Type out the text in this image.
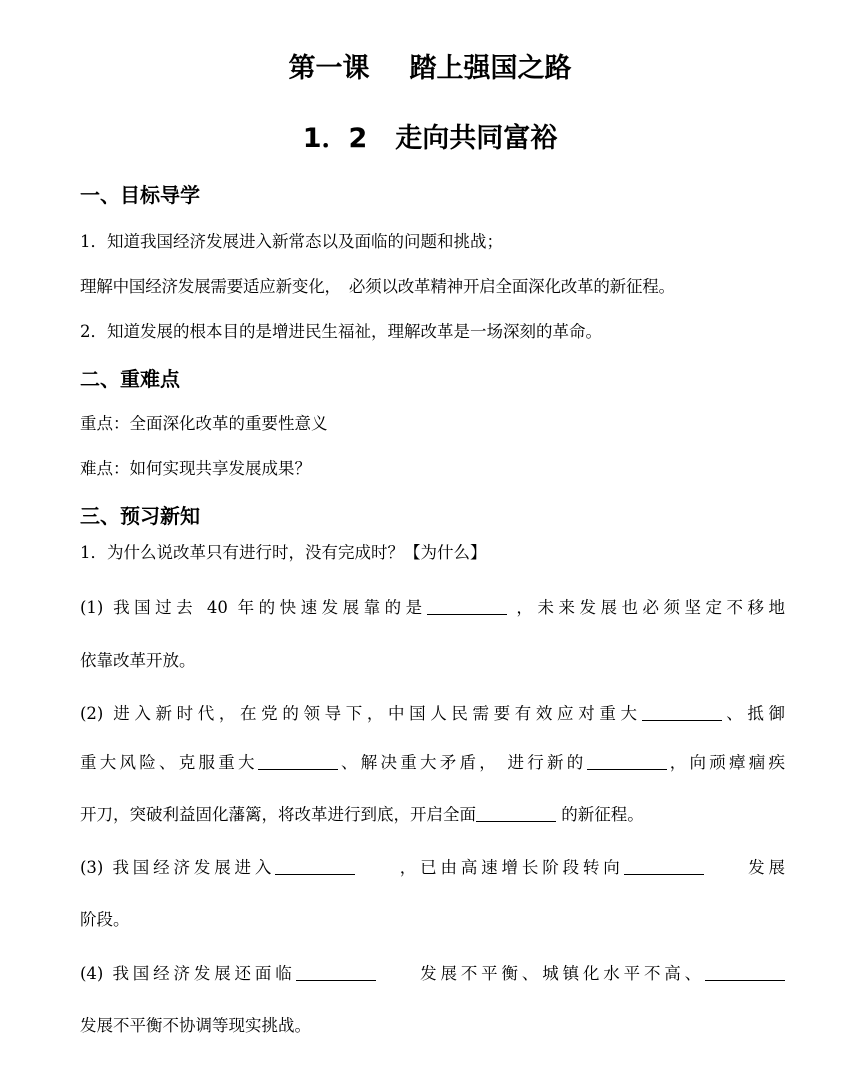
第一课 踏上强国之路
1．2 走向共同富裕
一、目标导学
1．知道我国经济发展进入新常态以及面临的问题和挑战；
理解中国经济发展需要适应新变化，　必须以改革精神开启全面深化改革的新征程。
2．知道发展的根本目的是增进民生福祉，理解改革是一场深刻的革命。
二、重难点
重点：全面深化改革的重要性意义
难点：如何实现共享发展成果？
三、预习新知
1．为什么说改革只有进行时，没有完成时？【为什么】
(1) 我国过去 40 年的快速发展靠的是	，未来发展也必须坚定不移地
依靠改革开放。
(2) 进入新时代，在党的领导下，中国人民需要有效应对重大	、抵御
重大风险、克服重大	、解决重大矛盾， 进行新的	，向顽瘴痼疾
开刀，突破利益固化藩篱，将改革进行到底，开启全面	的新征程。
(3) 我国经济发展进入	　　，已由高速增长阶段转向	　　发展
阶段。
(4) 我国经济发展还面临	　　发展不平衡、城镇化水平不高、
发展不平衡不协调等现实挑战。
